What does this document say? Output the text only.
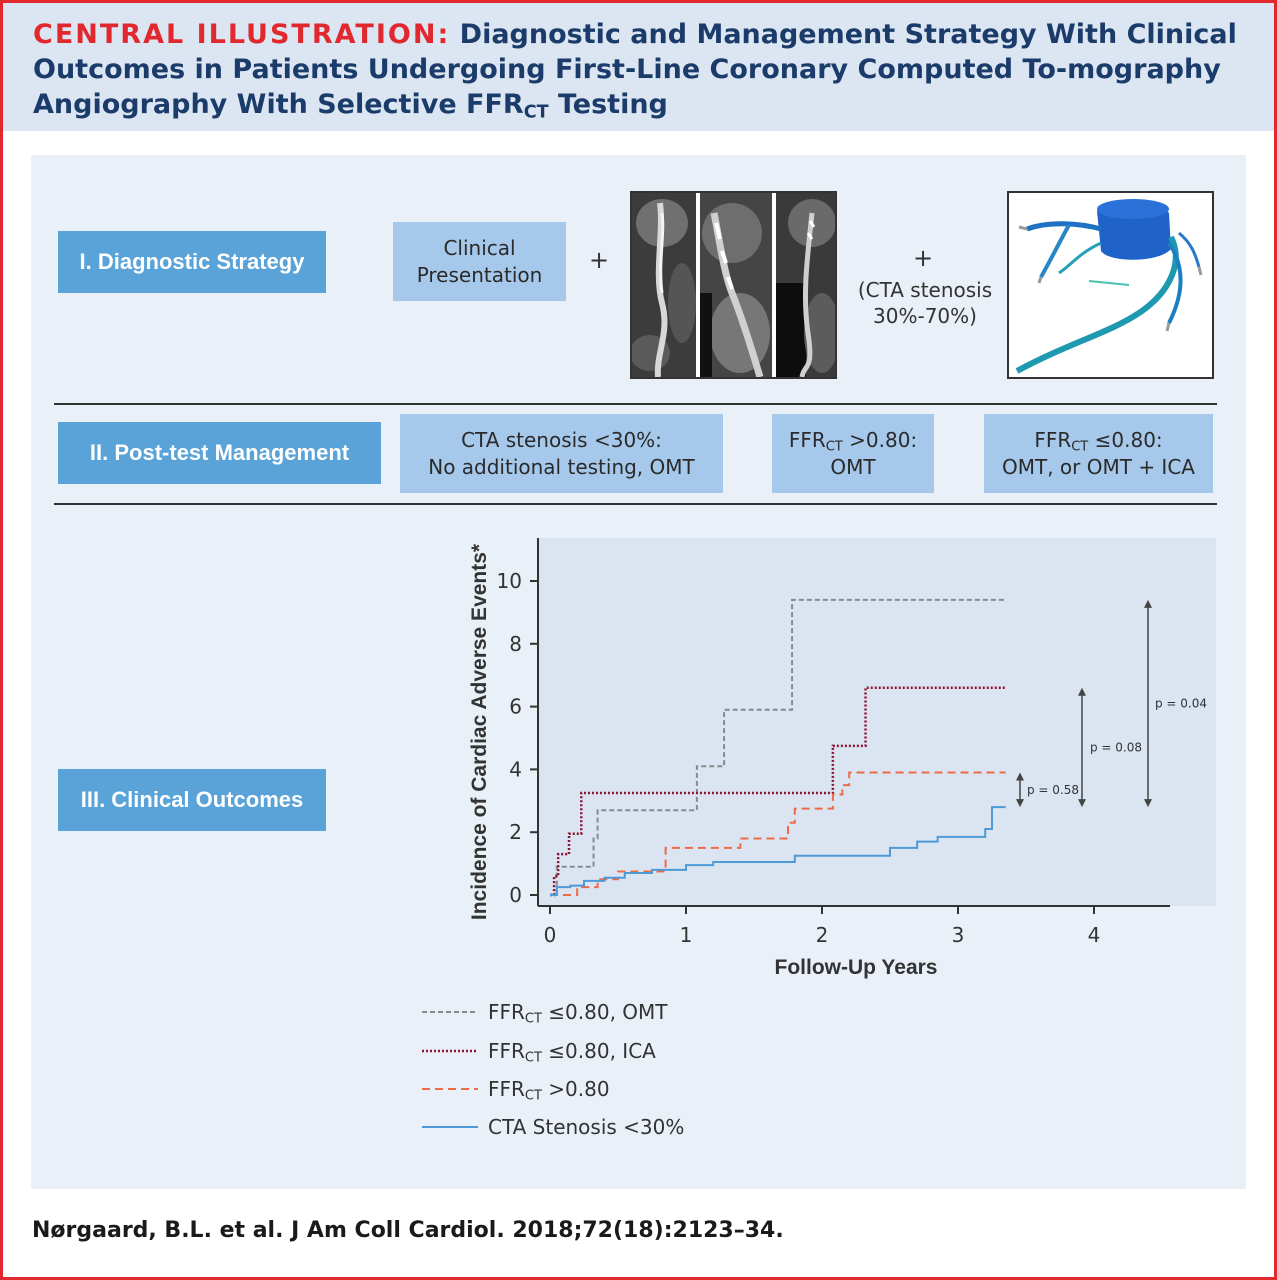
CENTRAL ILLUSTRATION: Diagnostic and Management Strategy With Clinical Outcomes in Patients Undergoing First-Line Coronary Computed To-mography Angiography With Selective $FFR_{CT}$ Testing
I. Diagnostic Strategy
Clinical
Presentation
+	+
(CTA stenosis
30%-70%)
II. Post-test Management
CTA stenosis <30%:
No additional testing, OMT
$FFR_{CT} >0.80$:
OMT
$FFR_{CT} \le 0.80$:
OMT, or OMT + ICA
III. Clinical Outcomes
0
2
4
6
8
10
0	1	2	3	4
p = 0.58
p = 0.08
p = 0.04
Incidence of Cardiac Adverse Events*
Follow-Up Years
$FFR_{CT} \le 0.80$, OMT
$FFR_{CT} \le 0.80$, ICA
$FFR_{CT} >0.80$
CTA Stenosis <30%
Nørgaard, B.L. et al. J Am Coll Cardiol. 2018;72(18):2123–34.
